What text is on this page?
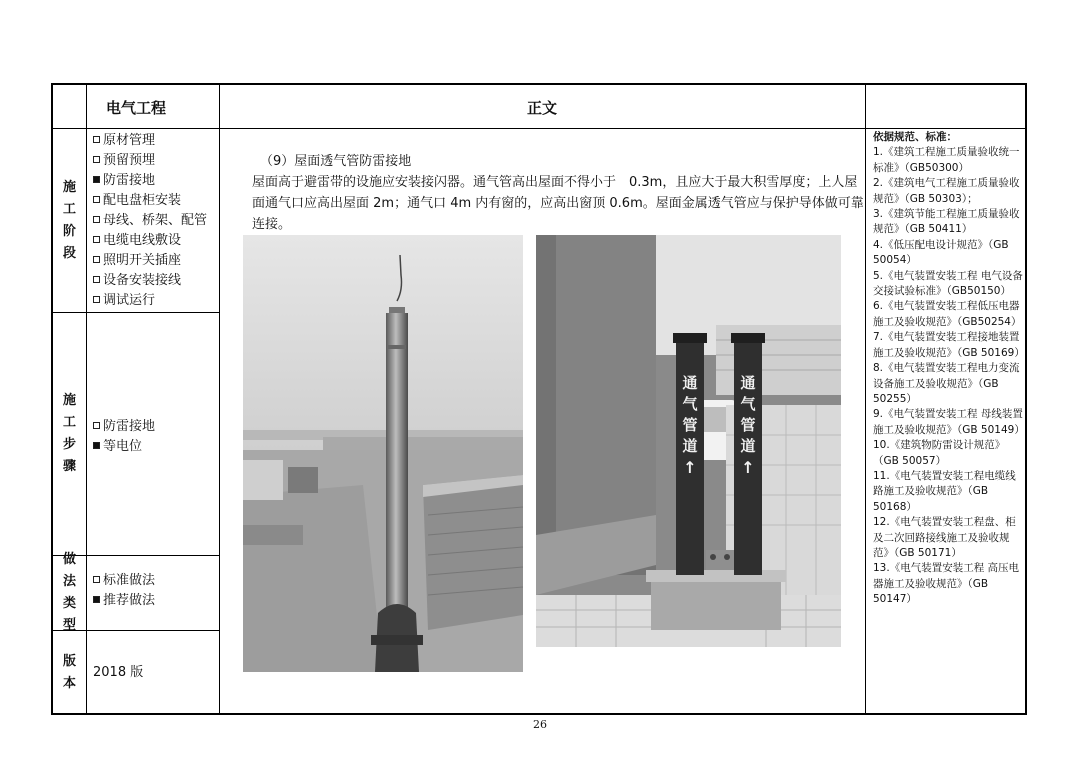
电气工程	正文
施
工
阶
段
原材管理
预留预埋
防雷接地
配电盘柜安装
母线、桥架、配管
电缆电线敷设
照明开关插座
设备安装接线
调试运行
施
工
步
骤
防雷接地
等电位
做
法
类
型
标准做法
推荐做法
版
本
2018 版

（9）屋面透气管防雷接地

屋面高于避雷带的设施应安装接闪器。通气管高出屋面不得小于　0.3m，且应大于最大积雪厚度；上人屋面通气口应高出屋面 2m；通气口 4m 内有窗的，应高出窗顶 0.6m。屋面金属透气管应与保护导体做可靠连接。

通气管道
↑
通气管道
↑
依据规范、标准：
1.《建筑工程施工质量验收统一标准》（GB50300）
2.《建筑电气工程施工质量验收规范》（GB 50303）；
3.《建筑节能工程施工质量验收规范》（GB 50411）
4.《低压配电设计规范》（GB 50054）
5.《电气装置安装工程 电气设备交接试验标准》（GB50150）
6.《电气装置安装工程低压电器施工及验收规范》（GB50254）
7.《电气装置安装工程接地装置施工及验收规范》（GB 50169）
8.《电气装置安装工程电力变流设备施工及验收规范》（GB 50255）
9.《电气装置安装工程 母线装置施工及验收规范》（GB 50149）
10.《建筑物防雷设计规范》（GB 50057）
11.《电气装置安装工程电缆线路施工及验收规范》（GB 50168）
12.《电气装置安装工程盘、柜及二次回路接线施工及验收规范》（GB 50171）
13.《电气装置安装工程 高压电器施工及验收规范》（GB 50147）
26
